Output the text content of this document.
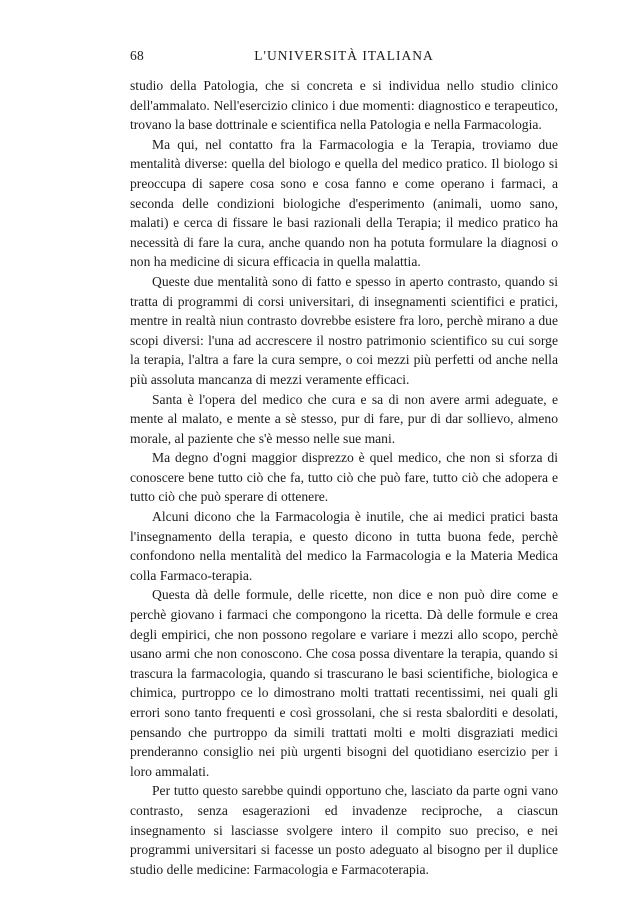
68	L'UNIVERSITÀ ITALIANA

studio della Patologia, che si concreta e si individua nello studio clinico dell'ammalato. Nell'esercizio clinico i due momenti: diagnostico e terapeutico, trovano la base dottrinale e scientifica nella Patologia e nella Farmacologia.

Ma qui, nel contatto fra la Farmacologia e la Terapia, troviamo due mentalità diverse: quella del biologo e quella del medico pratico. Il biologo si preoccupa di sapere cosa sono e cosa fanno e come operano i farmaci, a seconda delle condizioni biologiche d'esperimento (animali, uomo sano, malati) e cerca di fissare le basi razionali della Terapia; il medico pratico ha necessità di fare la cura, anche quando non ha potuta formulare la diagnosi o non ha medicine di sicura efficacia in quella malattia.

Queste due mentalità sono di fatto e spesso in aperto contrasto, quando si tratta di programmi di corsi universitari, di insegnamenti scientifici e pratici, mentre in realtà niun contrasto dovrebbe esistere fra loro, perchè mirano a due scopi diversi: l'una ad accrescere il nostro patrimonio scientifico su cui sorge la terapia, l'altra a fare la cura sempre, o coi mezzi più perfetti od anche nella più assoluta mancanza di mezzi veramente efficaci.

Santa è l'opera del medico che cura e sa di non avere armi adeguate, e mente al malato, e mente a sè stesso, pur di fare, pur di dar sollievo, almeno morale, al paziente che s'è messo nelle sue mani.

Ma degno d'ogni maggior disprezzo è quel medico, che non si sforza di conoscere bene tutto ciò che fa, tutto ciò che può fare, tutto ciò che adopera e tutto ciò che può sperare di ottenere.

Alcuni dicono che la Farmacologia è inutile, che ai medici pratici basta l'insegnamento della terapia, e questo dicono in tutta buona fede, perchè confondono nella mentalità del medico la Farmacologia e la Materia Medica colla Farmaco-terapia.

Questa dà delle formule, delle ricette, non dice e non può dire come e perchè giovano i farmaci che compongono la ricetta. Dà delle formule e crea degli empirici, che non possono regolare e variare i mezzi allo scopo, perchè usano armi che non conoscono. Che cosa possa diventare la terapia, quando si trascura la farmacologia, quando si trascurano le basi scientifiche, biologica e chimica, purtroppo ce lo dimostrano molti trattati recentissimi, nei quali gli errori sono tanto frequenti e così grossolani, che si resta sbalorditi e desolati, pensando che purtroppo da simili trattati molti e molti disgraziati medici prenderanno consiglio nei più urgenti bisogni del quotidiano esercizio per i loro ammalati.

Per tutto questo sarebbe quindi opportuno che, lasciato da parte ogni vano contrasto, senza esagerazioni ed invadenze reciproche, a ciascun insegnamento si lasciasse svolgere intero il compito suo preciso, e nei programmi universitari si facesse un posto adeguato al bisogno per il duplice studio delle medicine: Farmacologia e Farmacoterapia.
